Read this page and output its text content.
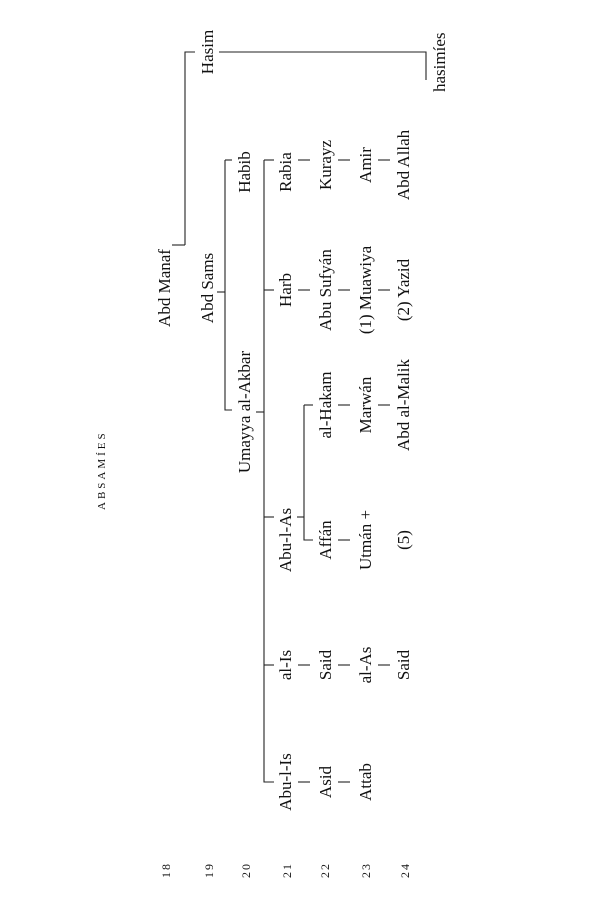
ABSAMÍES
18 19 20 21 22 23 24
Hasim	hasimíes
Abd Manaf Abd Sams
Habib
Umayya al-Akbar
Rabia Kurayz Amir Abd Allah
Harb Abu Sufyán (1) Muawiya (2) Yazid
al-Hakam Marwán Abd al-Malik
Abu-l-As Affán Utmán + (5)
al-Is Said al-As Said
Abu-l-Is Asid Attab
